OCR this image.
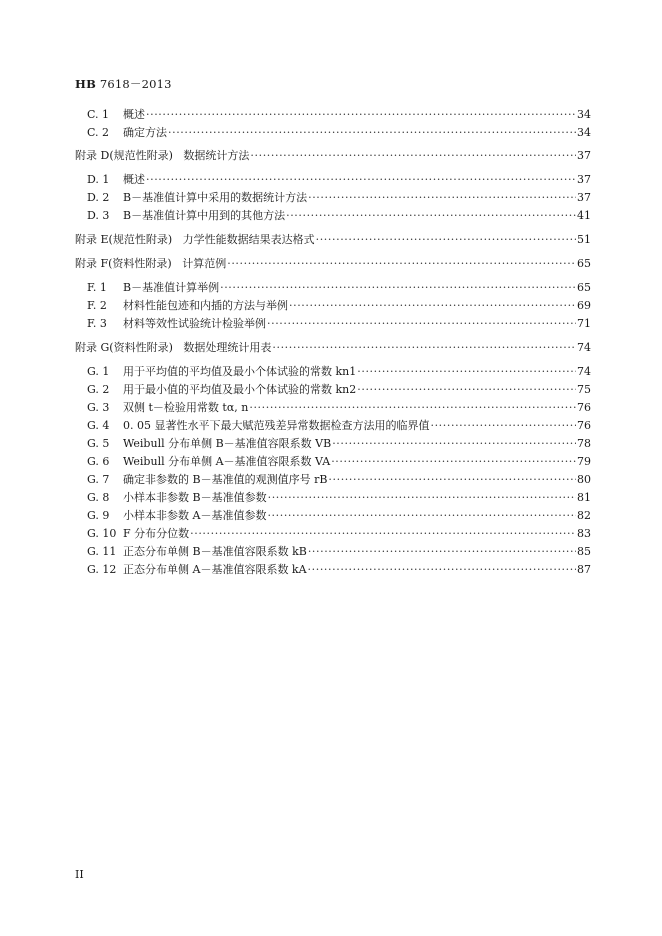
HB 7618－2013
C. 1 概述 ·····	34
C. 2 确定方法 ·····	34
附录 D(规范性附录) 数据统计方法 ·····	37
D. 1 概述 ·····	37
D. 2 B－基准值计算中采用的数据统计方法 ·····	37
D. 3 B－基准值计算中用到的其他方法 ·····	41
附录 E(规范性附录) 力学性能数据结果表达格式 ·····	51
附录 F(资料性附录) 计算范例 ·····	65
F. 1 B－基准值计算举例 ·····	65
F. 2 材料性能包迹和内插的方法与举例 ·····	69
F. 3 材料等效性试验统计检验举例 ·····	71
附录 G(资料性附录) 数据处理统计用表 ·····	74
G. 1 用于平均值的平均值及最小个体试验的常数 kn1 ·····	74
G. 2 用于最小值的平均值及最小个体试验的常数 kn2 ·····	75
G. 3 双侧 t－检验用常数 tα, n ·····	76
G. 4 0. 05 显著性水平下最大赋范残差异常数据检查方法用的临界值 ·····	76
G. 5 Weibull 分布单侧 B－基准值容限系数 VB ·····	78
G. 6 Weibull 分布单侧 A－基准值容限系数 VA ·····	79
G. 7 确定非参数的 B－基准值的观测值序号 rB ·····	80
G. 8 小样本非参数 B－基准值参数 ·····	81
G. 9 小样本非参数 A－基准值参数 ·····	82
G. 10 F 分布分位数 ·····	83
G. 11 正态分布单侧 B－基准值容限系数 kB ·····	85
G. 12 正态分布单侧 A－基准值容限系数 kA ·····	87
II
